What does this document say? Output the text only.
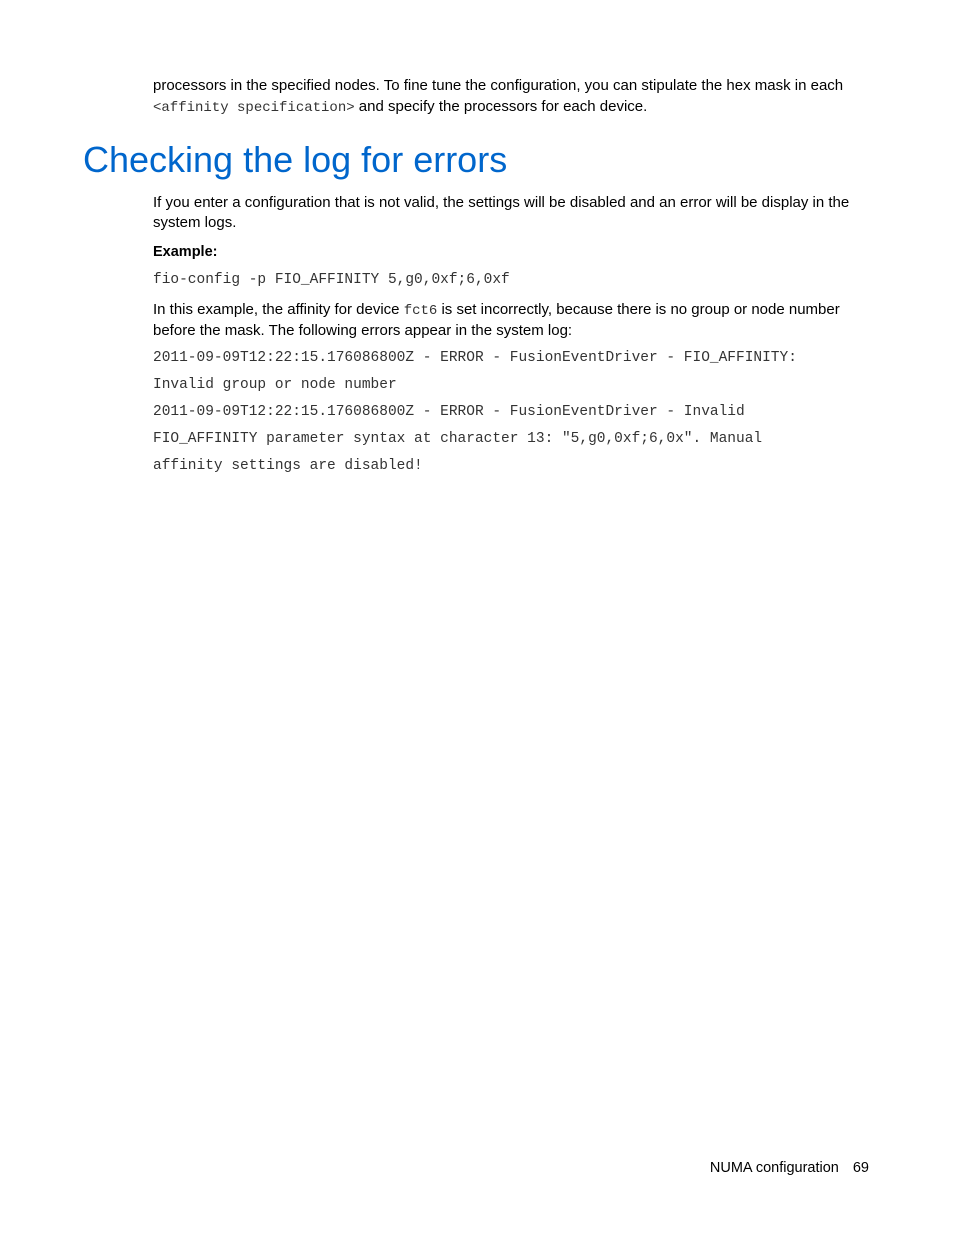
processors in the specified nodes. To fine tune the configuration, you can stipulate the hex mask in each
<affinity specification> and specify the processors for each device.
Checking the log for errors
If you enter a configuration that is not valid, the settings will be disabled and an error will be display in the
system logs.
Example:
fio-config -p FIO_AFFINITY 5,g0,0xf;6,0xf
In this example, the affinity for device fct6 is set incorrectly, because there is no group or node number
before the mask. The following errors appear in the system log:
2011-09-09T12:22:15.176086800Z - ERROR - FusionEventDriver - FIO_AFFINITY:
Invalid group or node number
2011-09-09T12:22:15.176086800Z - ERROR - FusionEventDriver - Invalid
FIO_AFFINITY parameter syntax at character 13: "5,g0,0xf;6,0x". Manual
affinity settings are disabled!
NUMA configuration 69
